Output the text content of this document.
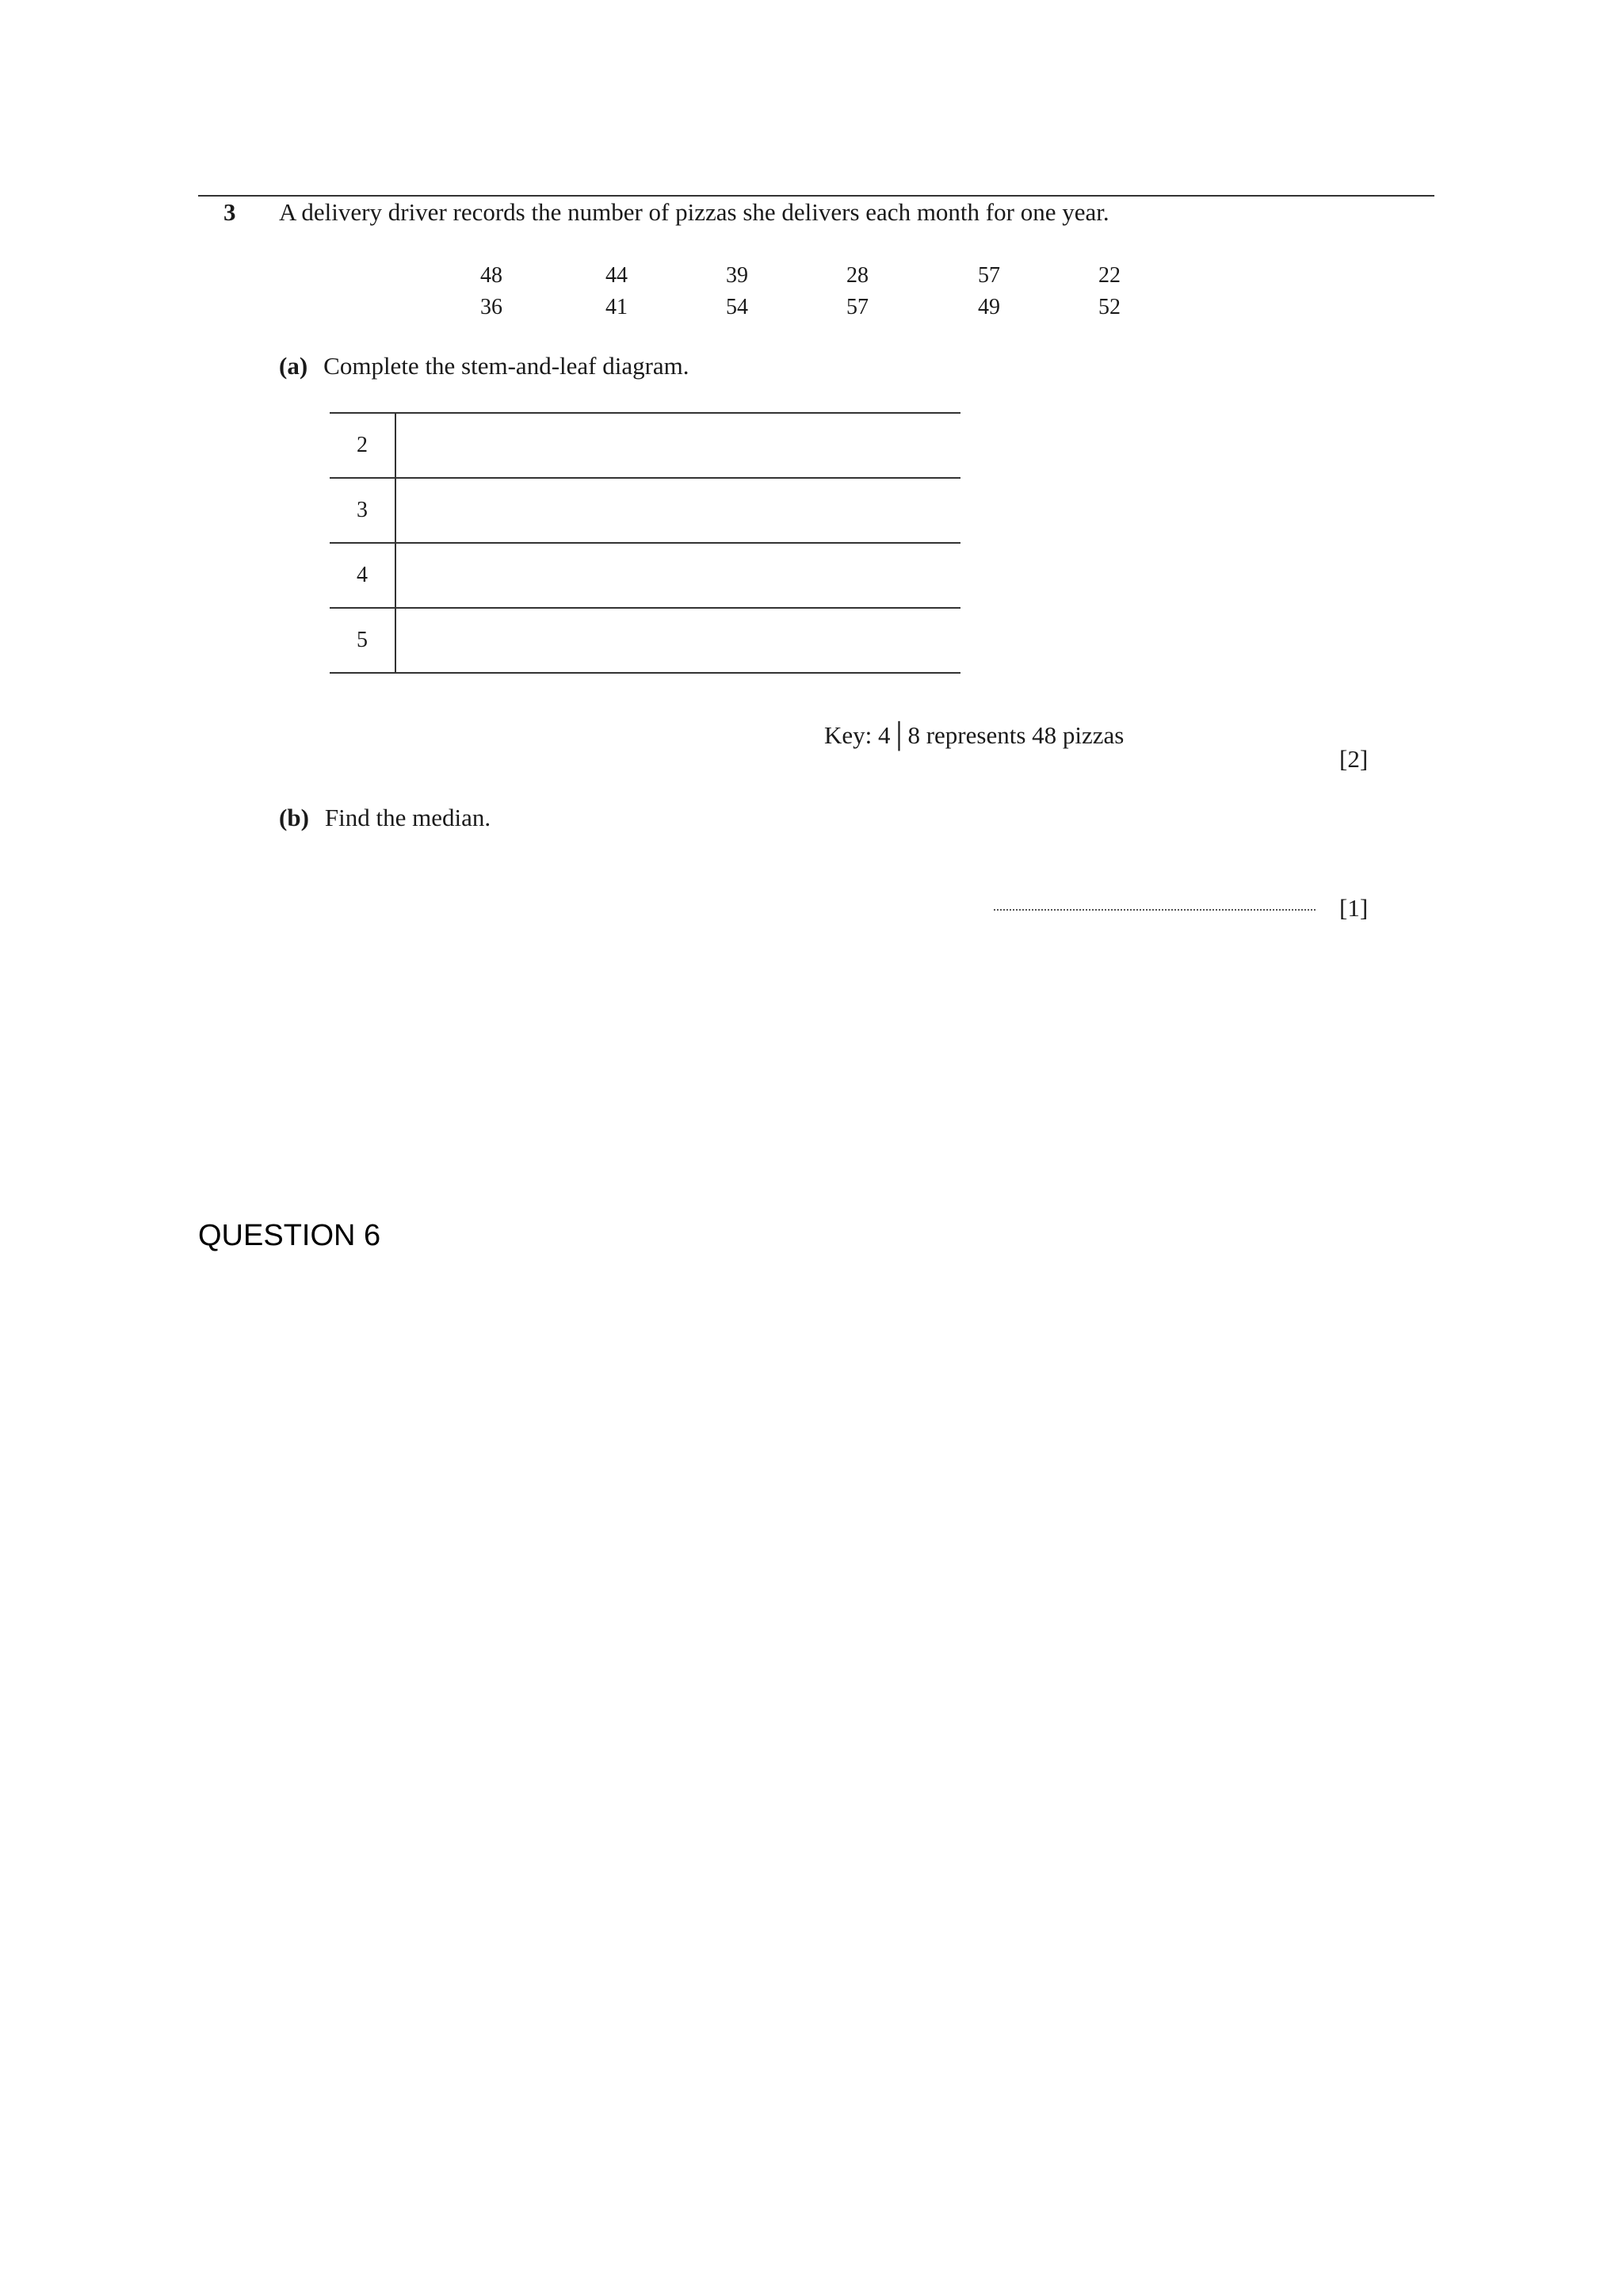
3 A delivery driver records the number of pizzas she delivers each month for one year.
48	44	39	28	57	22
36	41	54	57	49	52
(a) Complete the stem-and-leaf diagram.
2	
3	
4	
5	
Key: 4│8 represents 48 pizzas
[2]
(b) Find the median.
[1]
QUESTION 6
